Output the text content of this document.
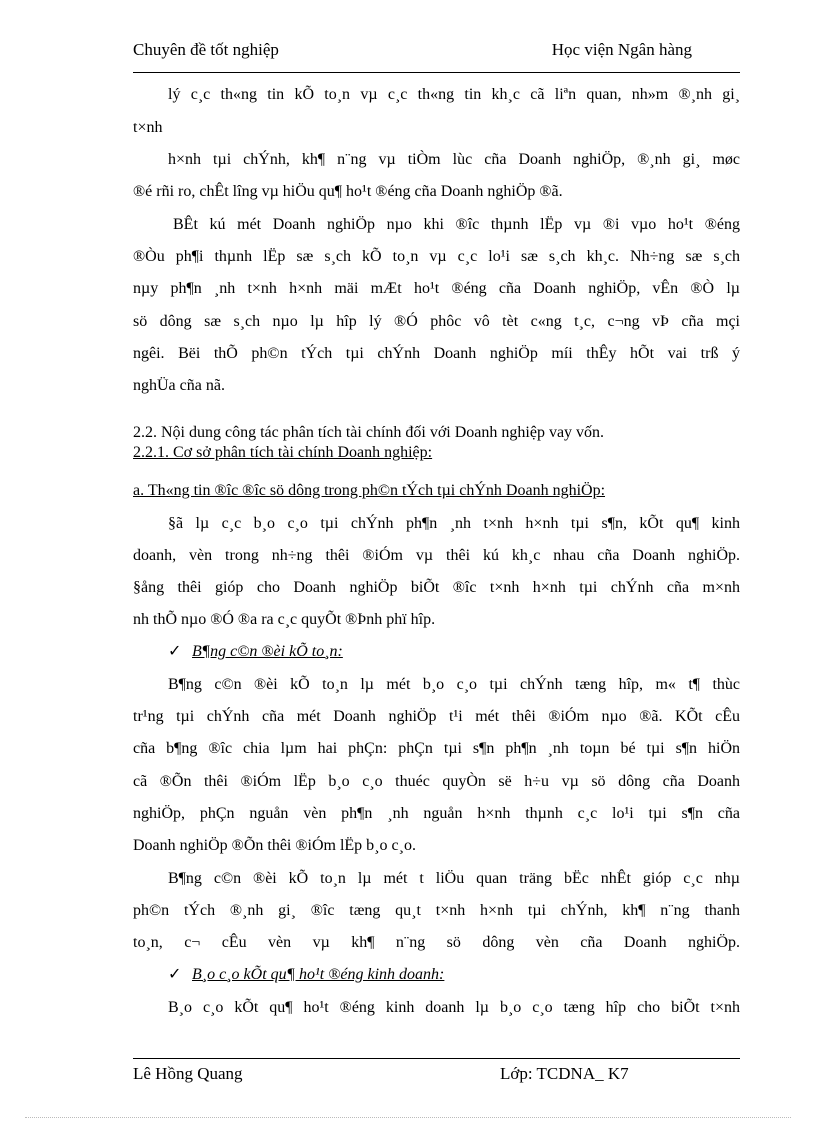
Chuyên đề tốt nghiệp	Học viện Ngân hàng
lý c¸c th«ng tin kÕ to¸n vµ c¸c th«ng tin kh¸c cã liªn quan, nh»m ®¸nh gi¸
t×nh
h×nh tµi chÝnh, kh¶ n¨ng vµ tiÒm lùc cña Doanh nghiÖp, ®¸nh gi¸ møc
®é rñi ro, chÊt lîng vµ hiÖu qu¶ ho¹t ®éng cña Doanh nghiÖp ®ã.
BÊt kú mét Doanh nghiÖp nµo khi ®îc thµnh lËp vµ ®i vµo ho¹t ®éng
®Òu ph¶i thµnh lËp sæ s¸ch kÕ to¸n vµ c¸c lo¹i sæ s¸ch kh¸c. Nh÷ng sæ s¸ch
nµy ph¶n ¸nh t×nh h×nh mäi mÆt ho¹t ®éng cña Doanh nghiÖp, vÊn ®Ò lµ
sö dông sæ s¸ch nµo lµ hîp lý ®Ó phôc vô tèt c«ng t¸c, c¬ng vÞ cña mçi
ngêi. Bëi thÕ ph©n tÝch tµi chÝnh Doanh nghiÖp míi thÊy hÕt vai trß ý
nghÜa cña nã.
2.2. Nội dung công tác phân tích tài chính đối với Doanh nghiệp vay vốn.
2.2.1. Cơ sở phân tích tài chính Doanh nghiệp:
a. Th«ng tin ®îc ®îc sö dông trong ph©n tÝch tµi chÝnh Doanh nghiÖp:
§ã lµ c¸c b¸o c¸o tµi chÝnh ph¶n ¸nh t×nh h×nh tµi s¶n, kÕt qu¶ kinh
doanh, vèn trong nh÷ng thêi ®iÓm vµ thêi kú kh¸c nhau cña Doanh nghiÖp.
§ång thêi gióp cho Doanh nghiÖp biÕt ®îc t×nh h×nh tµi chÝnh cña m×nh
nh thÕ nµo ®Ó ®a ra c¸c quyÕt ®Þnh phï hîp.
✓ B¶ng c©n ®èi kÕ to¸n:
B¶ng c©n ®èi kÕ to¸n lµ mét b¸o c¸o tµi chÝnh tæng hîp, m« t¶ thùc
tr¹ng tµi chÝnh cña mét Doanh nghiÖp t¹i mét thêi ®iÓm nµo ®ã. KÕt cÊu
cña b¶ng ®îc chia lµm hai phÇn: phÇn tµi s¶n ph¶n ¸nh toµn bé tµi s¶n hiÖn
cã ®Õn thêi ®iÓm lËp b¸o c¸o thuéc quyÒn së h÷u vµ sö dông cña Doanh
nghiÖp, phÇn nguån vèn ph¶n ¸nh nguån h×nh thµnh c¸c lo¹i tµi s¶n cña
Doanh nghiÖp ®Õn thêi ®iÓm lËp b¸o c¸o.
B¶ng c©n ®èi kÕ to¸n lµ mét t liÖu quan träng bËc nhÊt gióp c¸c nhµ
ph©n tÝch ®¸nh gi¸ ®îc tæng qu¸t t×nh h×nh tµi chÝnh, kh¶ n¨ng thanh
to¸n, c¬ cÊu vèn vµ kh¶ n¨ng sö dông vèn cña Doanh nghiÖp.
✓ B¸o c¸o kÕt qu¶ ho¹t ®éng kinh doanh:
B¸o c¸o kÕt qu¶ ho¹t ®éng kinh doanh lµ b¸o c¸o tæng hîp cho biÕt t×nh
Lê Hồng Quang	Lớp: TCDNA_ K7
